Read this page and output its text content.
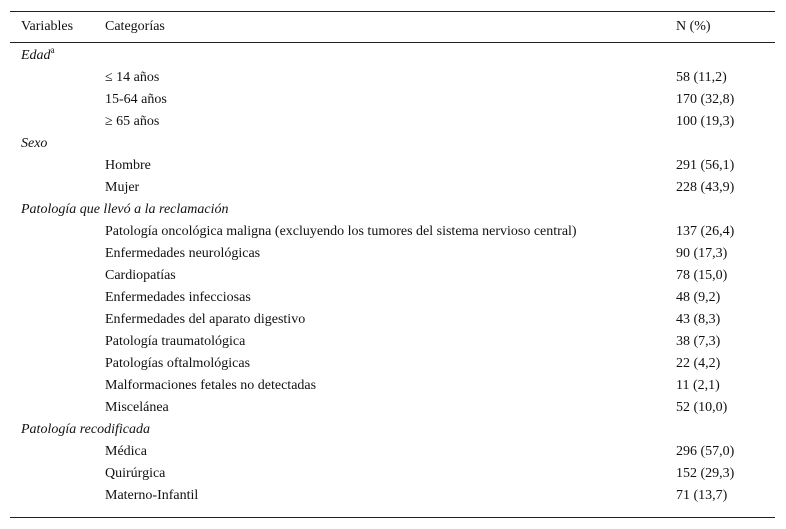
Variables Categorías	N (%)
Edad$^a$
≤ 14 años	58 (11,2)
15-64 años	170 (32,8)
≥ 65 años	100 (19,3)
Sexo
Hombre	291 (56,1)
Mujer	228 (43,9)
Patología que llevó a la reclamación
Patología oncológica maligna (excluyendo los tumores del sistema nervioso central)	137 (26,4)
Enfermedades neurológicas	90 (17,3)
Cardiopatías	78 (15,0)
Enfermedades infecciosas	48 (9,2)
Enfermedades del aparato digestivo	43 (8,3)
Patología traumatológica	38 (7,3)
Patologías oftalmológicas	22 (4,2)
Malformaciones fetales no detectadas	11 (2,1)
Miscelánea	52 (10,0)
Patología recodificada
Médica	296 (57,0)
Quirúrgica	152 (29,3)
Materno-Infantil	71 (13,7)
